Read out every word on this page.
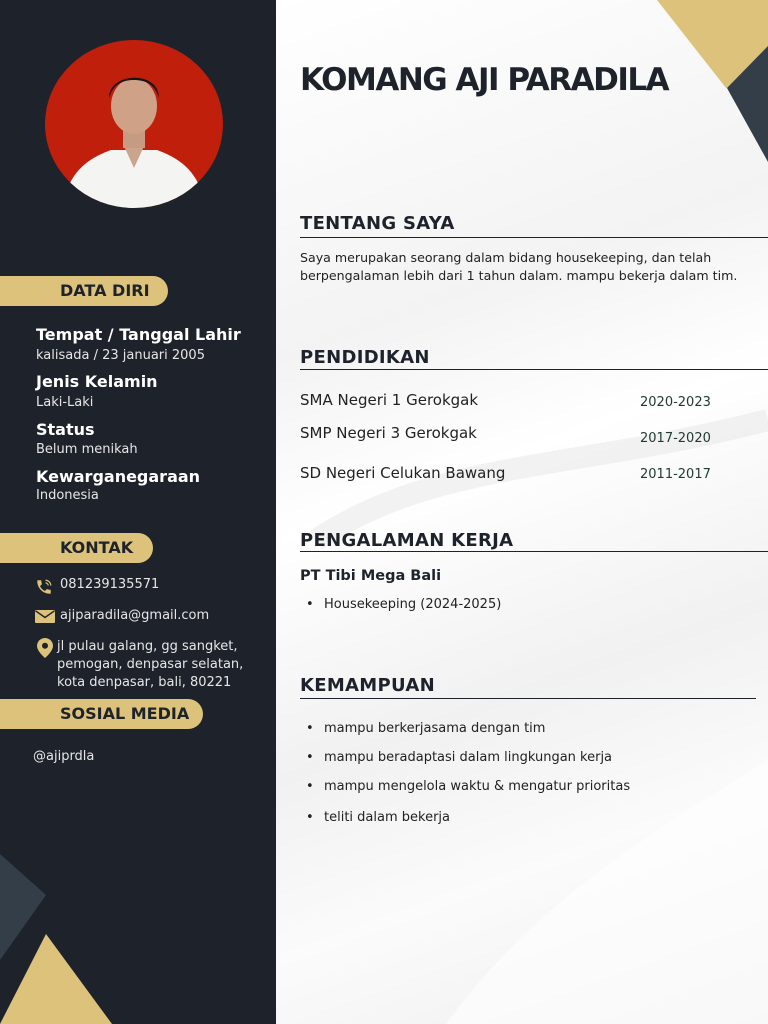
DATA DIRI
Tempat / Tanggal Lahir
kalisada / 23 januari 2005
Jenis Kelamin
Laki-Laki
Status
Belum menikah
Kewarganegaraan
Indonesia
KONTAK
081239135571
ajiparadila@gmail.com
jl pulau galang, gg sangket,
pemogan, denpasar selatan,
kota denpasar, bali, 80221
SOSIAL MEDIA
@ajiprdla
KOMANG AJI PARADILA
TENTANG SAYA
Saya merupakan seorang dalam bidang housekeeping, dan telah berpengalaman lebih dari 1 tahun dalam. mampu bekerja dalam tim.
PENDIDIKAN
SMA Negeri 1 Gerokgak	2020-2023
SMP Negeri 3 Gerokgak	2017-2020
SD Negeri Celukan Bawang	2011-2017
PENGALAMAN KERJA
PT Tibi Mega Bali
• Housekeeping (2024-2025)
KEMAMPUAN
• mampu berkerjasama dengan tim
• mampu beradaptasi dalam lingkungan kerja
• mampu mengelola waktu & mengatur prioritas
• teliti dalam bekerja
